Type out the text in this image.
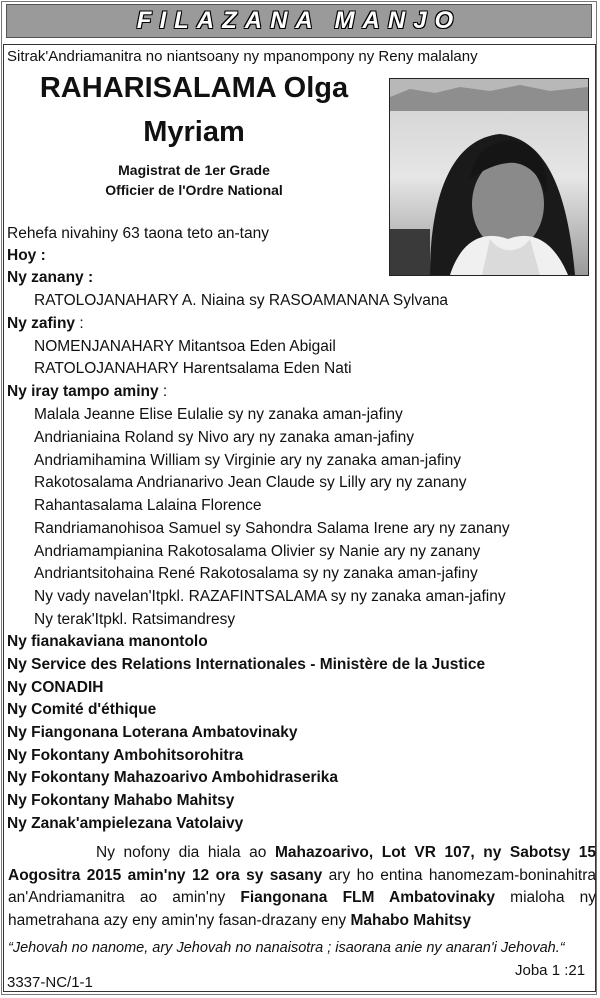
FILAZANA MANJO
Sitrak'Andriamanitra no niantsoany ny mpanompony ny Reny malalany
RAHARISALAMA Olga
Myriam
Magistrat de 1er Grade
Officier de l'Ordre National
Rehefa nivahiny 63 taona teto an-tany
Hoy :
Ny zanany :
RATOLOJANAHARY A. Niaina sy RASOAMANANA Sylvana
Ny zafiny :
NOMENJANAHARY Mitantsoa Eden Abigail
RATOLOJANAHARY Harentsalama Eden Nati
Ny iray tampo aminy :
Malala Jeanne Elise Eulalie sy ny zanaka aman-jafiny
Andrianiaina Roland sy Nivo ary ny zanaka aman-jafiny
Andriamihamina William sy Virginie ary ny zanaka aman-jafiny
Rakotosalama Andrianarivo Jean Claude sy Lilly ary ny zanany
Rahantasalama Lalaina Florence
Randriamanohisoa Samuel sy Sahondra Salama Irene ary ny zanany
Andriamampianina Rakotosalama Olivier sy Nanie ary ny zanany
Andriantsitohaina René Rakotosalama sy ny zanaka aman-jafiny
Ny vady navelan'Itpkl. RAZAFINTSALAMA sy ny zanaka aman-jafiny
Ny terak'Itpkl. Ratsimandresy
Ny fianakaviana manontolo
Ny Service des Relations Internationales - Ministère de la Justice
Ny CONADIH
Ny Comité d'éthique
Ny Fiangonana Loterana Ambatovinaky
Ny Fokontany Ambohitsorohitra
Ny Fokontany Mahazoarivo Ambohidraserika
Ny Fokontany Mahabo Mahitsy
Ny Zanak'ampielezana Vatolaivy
Ny nofony dia hiala ao Mahazoarivo, Lot VR 107, ny Sabotsy 15 Aogositra 2015 amin'ny 12 ora sy sasany ary ho entina hanomezam-boninahitra an'Andriamanitra ao amin'ny Fiangonana FLM Ambatovinaky mialoha ny hametrahana azy eny amin'ny fasan-drazany eny Mahabo Mahitsy
“Jehovah no nanome, ary Jehovah no nanaisotra ; isaorana anie ny anaran'i Jehovah.“
Joba 1 :21
3337-NC/1-1
